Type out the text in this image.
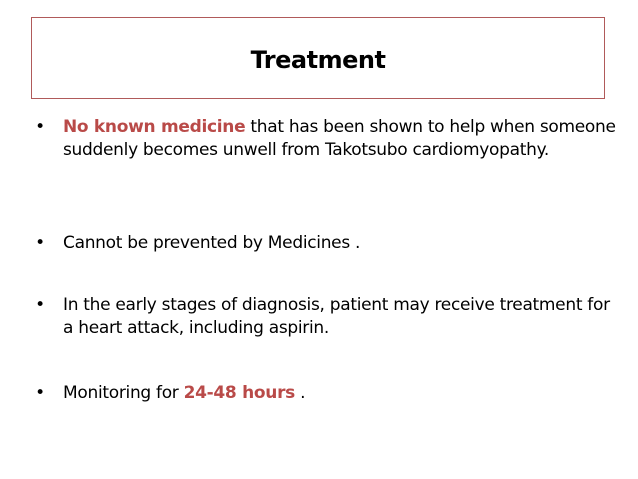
Treatment
• No known medicine that has been shown to help when someone suddenly becomes unwell from Takotsubo cardiomyopathy.
• Cannot be prevented by Medicines .
• In the early stages of diagnosis, patient may receive treatment for a heart attack, including aspirin.
• Monitoring for 24-48 hours .
